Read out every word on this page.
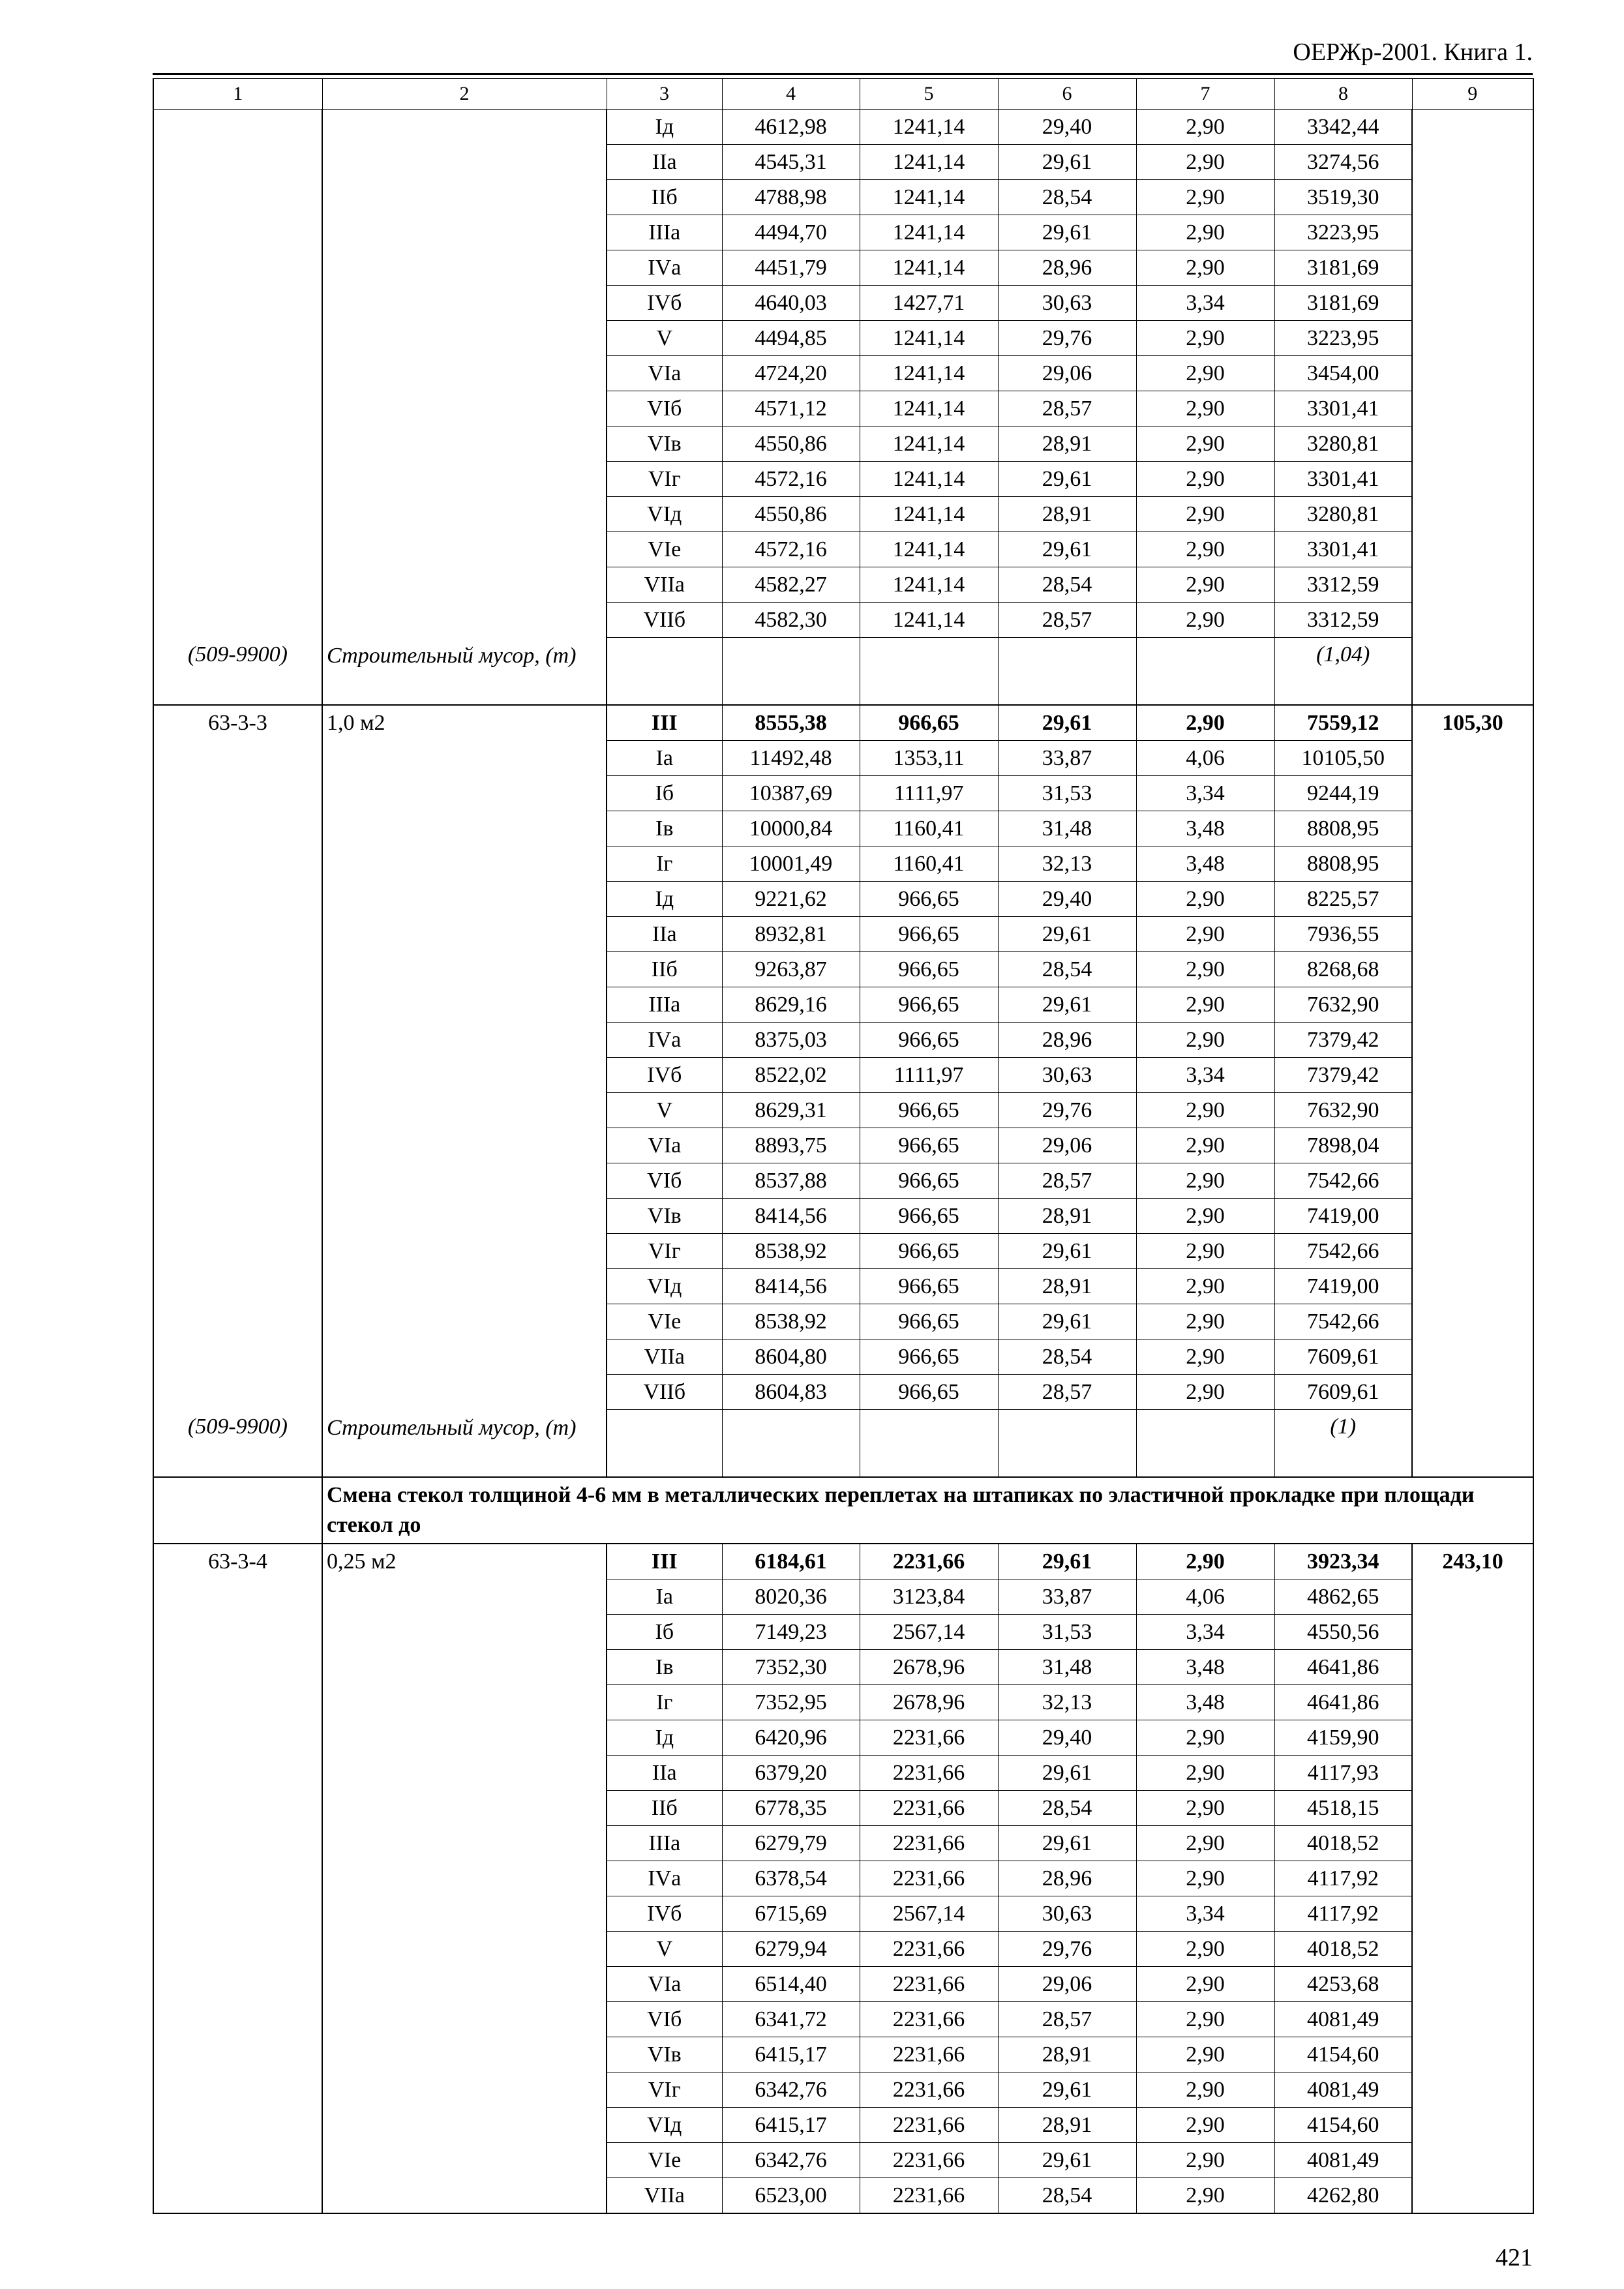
ОЕРЖр-2001. Книга 1.
1	2	3	4	5	6	7	8	9
		Iд	4612,98	1241,14	29,40	2,90	3342,44	
		IIа	4545,31	1241,14	29,61	2,90	3274,56	
		IIб	4788,98	1241,14	28,54	2,90	3519,30	
		IIIа	4494,70	1241,14	29,61	2,90	3223,95	
		IVа	4451,79	1241,14	28,96	2,90	3181,69	
		IVб	4640,03	1427,71	30,63	3,34	3181,69	
		V	4494,85	1241,14	29,76	2,90	3223,95	
		VIа	4724,20	1241,14	29,06	2,90	3454,00	
		VIб	4571,12	1241,14	28,57	2,90	3301,41	
		VIв	4550,86	1241,14	28,91	2,90	3280,81	
		VIг	4572,16	1241,14	29,61	2,90	3301,41	
		VIд	4550,86	1241,14	28,91	2,90	3280,81	
		VIе	4572,16	1241,14	29,61	2,90	3301,41	
		VIIа	4582,27	1241,14	28,54	2,90	3312,59	
		VIIб	4582,30	1241,14	28,57	2,90	3312,59	
(509-9900)	Строительный мусор, (т)						(1,04)	
63-3-3	1,0 м2	III	8555,38	966,65	29,61	2,90	7559,12	105,30
		Iа	11492,48	1353,11	33,87	4,06	10105,50	
		Iб	10387,69	1111,97	31,53	3,34	9244,19	
		Iв	10000,84	1160,41	31,48	3,48	8808,95	
		Iг	10001,49	1160,41	32,13	3,48	8808,95	
		Iд	9221,62	966,65	29,40	2,90	8225,57	
		IIа	8932,81	966,65	29,61	2,90	7936,55	
		IIб	9263,87	966,65	28,54	2,90	8268,68	
		IIIа	8629,16	966,65	29,61	2,90	7632,90	
		IVа	8375,03	966,65	28,96	2,90	7379,42	
		IVб	8522,02	1111,97	30,63	3,34	7379,42	
		V	8629,31	966,65	29,76	2,90	7632,90	
		VIа	8893,75	966,65	29,06	2,90	7898,04	
		VIб	8537,88	966,65	28,57	2,90	7542,66	
		VIв	8414,56	966,65	28,91	2,90	7419,00	
		VIг	8538,92	966,65	29,61	2,90	7542,66	
		VIд	8414,56	966,65	28,91	2,90	7419,00	
		VIе	8538,92	966,65	29,61	2,90	7542,66	
		VIIа	8604,80	966,65	28,54	2,90	7609,61	
		VIIб	8604,83	966,65	28,57	2,90	7609,61	
(509-9900)	Строительный мусор, (т)						(1)	
	Смена стекол толщиной 4-6 мм в металлических переплетах на штапиках по эластичной прокладке при площади стекол до							
63-3-4	0,25 м2	III	6184,61	2231,66	29,61	2,90	3923,34	243,10
		Iа	8020,36	3123,84	33,87	4,06	4862,65	
		Iб	7149,23	2567,14	31,53	3,34	4550,56	
		Iв	7352,30	2678,96	31,48	3,48	4641,86	
		Iг	7352,95	2678,96	32,13	3,48	4641,86	
		Iд	6420,96	2231,66	29,40	2,90	4159,90	
		IIа	6379,20	2231,66	29,61	2,90	4117,93	
		IIб	6778,35	2231,66	28,54	2,90	4518,15	
		IIIа	6279,79	2231,66	29,61	2,90	4018,52	
		IVа	6378,54	2231,66	28,96	2,90	4117,92	
		IVб	6715,69	2567,14	30,63	3,34	4117,92	
		V	6279,94	2231,66	29,76	2,90	4018,52	
		VIа	6514,40	2231,66	29,06	2,90	4253,68	
		VIб	6341,72	2231,66	28,57	2,90	4081,49	
		VIв	6415,17	2231,66	28,91	2,90	4154,60	
		VIг	6342,76	2231,66	29,61	2,90	4081,49	
		VIд	6415,17	2231,66	28,91	2,90	4154,60	
		VIе	6342,76	2231,66	29,61	2,90	4081,49	
		VIIа	6523,00	2231,66	28,54	2,90	4262,80	
421
